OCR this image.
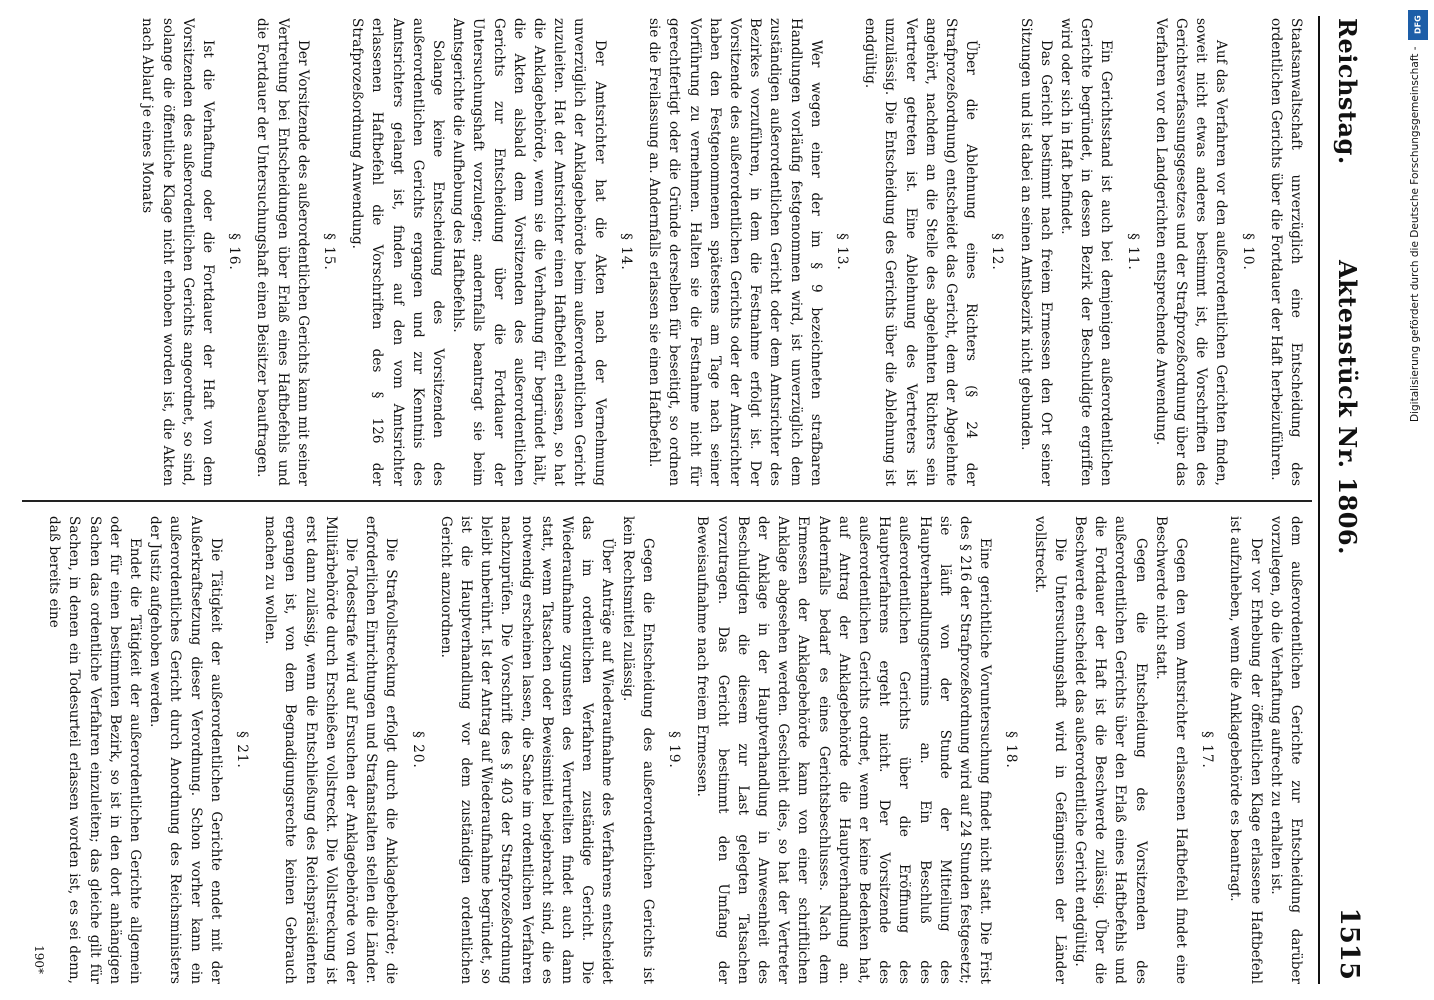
Reichstag.
Aktenstück Nr. 1806.
1515

Staatsanwaltschaft unverzüglich eine Entscheidung des ordentlichen Gerichts über die Fortdauer der Haft herbeizuführen.

§ 10.

Auf das Verfahren vor den außerordentlichen Gerichten finden, soweit nicht etwas anderes bestimmt ist, die Vorschriften des Gerichtsverfassungsgesetzes und der Strafprozeßordnung über das Verfahren vor den Landgerichten entsprechende Anwendung.

§ 11.

Ein Gerichtsstand ist auch bei demjenigen außerordentlichen Gerichte begründet, in dessen Bezirk der Beschuldigte ergriffen wird oder sich in Haft befindet.

Das Gericht bestimmt nach freiem Ermessen den Ort seiner Sitzungen und ist dabei an seinen Amtsbezirk nicht gebunden.

§ 12.

Über die Ablehnung eines Richters (§ 24 der Strafprozeßordnung) entscheidet das Gericht, dem der Abgelehnte angehört, nachdem an die Stelle des abgelehnten Richters sein Vertreter getreten ist. Eine Ablehnung des Vertreters ist unzulässig. Die Entscheidung des Gerichts über die Ablehnung ist endgültig.

§ 13.

Wer wegen einer der im § 9 bezeichneten strafbaren Handlungen vorläufig festgenommen wird, ist unverzüglich dem zuständigen außerordentlichen Gericht oder dem Amtsrichter des Bezirkes vorzuführen, in dem die Festnahme erfolgt ist. Der Vorsitzende des außerordentlichen Gerichts oder der Amtsrichter haben den Festgenommenen spätestens am Tage nach seiner Vorführung zu vernehmen. Halten sie die Festnahme nicht für gerechtfertigt oder die Gründe derselben für beseitigt, so ordnen sie die Freilassung an. Andernfalls erlassen sie einen Haftbefehl.

§ 14.

Der Amtsrichter hat die Akten nach der Vernehmung unverzüglich der Anklagebehörde beim außerordentlichen Gericht zuzuleiten. Hat der Amtsrichter einen Haftbefehl erlassen, so hat die Anklagebehörde, wenn sie die Verhaftung für begründet hält, die Akten alsbald dem Vorsitzenden des außerordentlichen Gerichts zur Entscheidung über die Fortdauer der Untersuchungshaft vorzulegen; andernfalls beantragt sie beim Amtsgerichte die Aufhebung des Haftbefehls.

Solange keine Entscheidung des Vorsitzenden des außerordentlichen Gerichts ergangen und zur Kenntnis des Amtsrichters gelangt ist, finden auf den vom Amtsrichter erlassenen Haftbefehl die Vorschriften des § 126 der Strafprozeßordnung Anwendung.

§ 15.

Der Vorsitzende des außerordentlichen Gerichts kann mit seiner Vertretung bei Entscheidungen über Erlaß eines Haftbefehls und die Fortdauer der Untersuchungshaft einen Beisitzer beauftragen.

§ 16.

Ist die Verhaftung oder die Fortdauer der Haft von dem Vorsitzenden des außerordentlichen Gerichts angeordnet, so sind, solange die öffentliche Klage nicht erhoben worden ist, die Akten nach Ablauf je eines Monats

dem außerordentlichen Gerichte zur Entscheidung darüber vorzulegen, ob die Verhaftung aufrecht zu erhalten ist.

Der vor Erhebung der öffentlichen Klage erlassene Haftbefehl ist aufzuheben, wenn die Anklagebehörde es beantragt.

§ 17.

Gegen den vom Amtsrichter erlassenen Haftbefehl findet eine Beschwerde nicht statt.

Gegen die Entscheidung des Vorsitzenden des außerordentlichen Gerichts über den Erlaß eines Haftbefehls und die Fortdauer der Haft ist die Beschwerde zulässig. Über die Beschwerde entscheidet das außerordentliche Gericht endgültig.

Die Untersuchungshaft wird in Gefängnissen der Länder vollstreckt.

§ 18.

Eine gerichtliche Voruntersuchung findet nicht statt. Die Frist des § 216 der Strafprozeßordnung wird auf 24 Stunden festgesetzt; sie läuft von der Stunde der Mitteilung des Hauptverhandlungstermins an. Ein Beschluß des außerordentlichen Gerichts über die Eröffnung des Hauptverfahrens ergeht nicht. Der Vorsitzende des außerordentlichen Gerichts ordnet, wenn er keine Bedenken hat, auf Antrag der Anklagebehörde die Hauptverhandlung an. Andernfalls bedarf es eines Gerichtsbeschlusses. Nach dem Ermessen der Anklagebehörde kann von einer schriftlichen Anklage abgesehen werden. Geschieht dies, so hat der Vertreter der Anklage in der Hauptverhandlung in Anwesenheit des Beschuldigten die diesem zur Last gelegten Tatsachen vorzutragen. Das Gericht bestimmt den Umfang der Beweisaufnahme nach freiem Ermessen.

§ 19.

Gegen die Entscheidung des außerordentlichen Gerichts ist kein Rechtsmittel zulässig.

Über Anträge auf Wiederaufnahme des Verfahrens entscheidet das im ordentlichen Verfahren zuständige Gericht. Die Wiederaufnahme zugunsten des Verurteilten findet auch dann statt, wenn Tatsachen oder Beweismittel beigebracht sind, die es notwendig erscheinen lassen, die Sache im ordentlichen Verfahren nachzuprüfen. Die Vorschrift des § 403 der Strafprozeßordnung bleibt unberührt. Ist der Antrag auf Wiederaufnahme begründet, so ist die Hauptverhandlung vor dem zuständigen ordentlichen Gericht anzuordnen.

§ 20.

Die Strafvollstreckung erfolgt durch die Anklagebehörde; die erforderlichen Einrichtungen und Strafanstalten stellen die Länder.

Die Todesstrafe wird auf Ersuchen der Anklagebehörde von der Militärbehörde durch Erschießen vollstreckt. Die Vollstreckung ist erst dann zulässig, wenn die Entschließung des Reichspräsidenten ergangen ist, von dem Begnadigungsrechte keinen Gebrauch machen zu wollen.

§ 21.

Die Tätigkeit der außerordentlichen Gerichte endet mit der Außerkraftsetzung dieser Verordnung. Schon vorher kann ein außerordentliches Gericht durch Anordnung des Reichsministers der Justiz aufgehoben werden.

Endet die Tätigkeit der außerordentlichen Gerichte allgemein oder für einen bestimmten Bezirk, so ist in den dort anhängigen Sachen das ordentliche Verfahren einzuleiten; das gleiche gilt für Sachen, in denen ein Todesurteil erlassen worden ist, es sei denn, daß bereits eine

190*
DFG
Digitalisierung gefördert durch die Deutsche Forschungsgemeinschaft -
